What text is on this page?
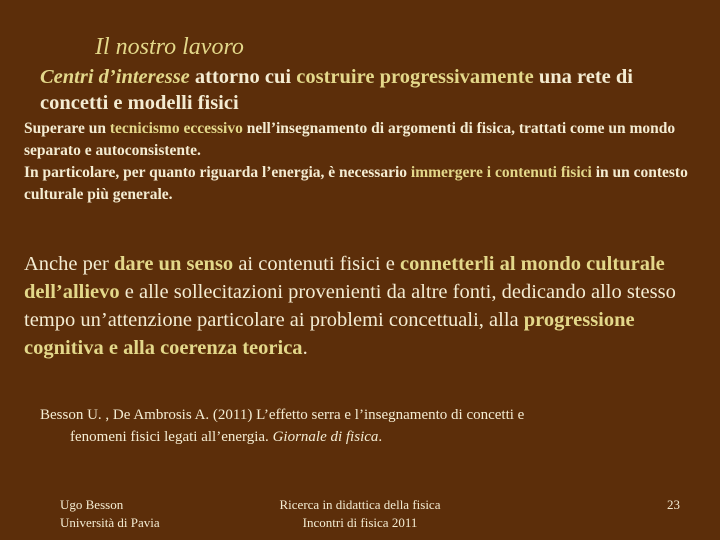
Il nostro lavoro
Centri d’interesse attorno cui costruire progressivamente una rete di concetti e modelli fisici
Superare un tecnicismo eccessivo nell’insegnamento di argomenti di fisica, trattati come un mondo separato e autoconsistente.
In particolare, per quanto riguarda l’energia, è necessario immergere i contenuti fisici in un contesto culturale più generale.
Anche per dare un senso ai contenuti fisici e connetterli al mondo culturale dell’allievo e alle sollecitazioni provenienti da altre fonti, dedicando allo stesso tempo un’attenzione particolare ai problemi concettuali, alla progressione cognitiva e alla coerenza teorica.
Besson U. , De Ambrosis A. (2011) L’effetto serra e l’insegnamento di concetti e
fenomeni fisici legati all’energia. Giornale di fisica.
Ugo Besson
Università di Pavia
Ricerca in didattica della fisica
Incontri di fisica 2011
23
